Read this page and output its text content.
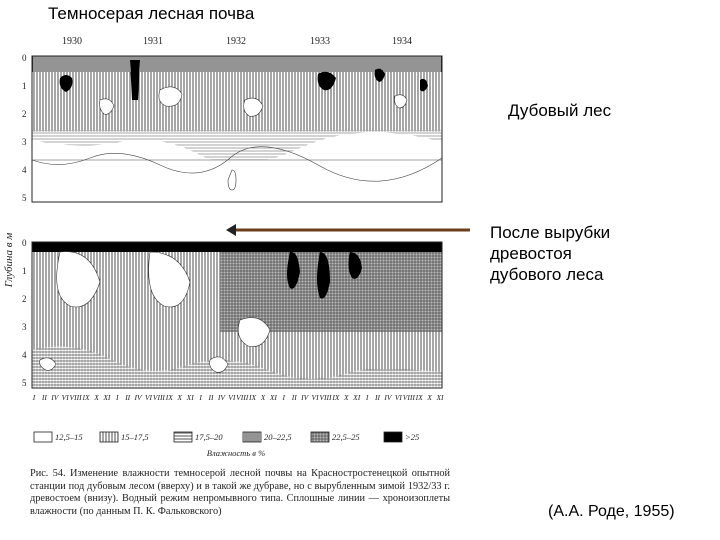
Темносерая лесная почва
Дубовый лес
После вырубки
древостоя
дубового леса
(А.А. Роде, 1955)
1930	1931	1932	1933	1934
Глубина в м
0
1
2
3
4
5
0
1
2
3
4
5
I II IV VI VIII IX X XI I II IV VI VIII IX X XI I II IV VI VIII IX X XI I II IV VI VIII IX X XI I II IV VI VIII IX X XI
12,5–15	15–17,5	17,5–20	20–22,5	22,5–25	>25
Влажность в %

Рис. 54. Изменение влажности темносерой лесной почвы на Красностростенецкой опытной станции под дубовым лесом (вверху) и в такой же дубраве, но с вырубленным зимой 1932/33 г. древостоем (внизу). Водный режим непромывного типа. Сплошные линии — хроноизоплеты влажности (по данным П. К. Фальковского)
